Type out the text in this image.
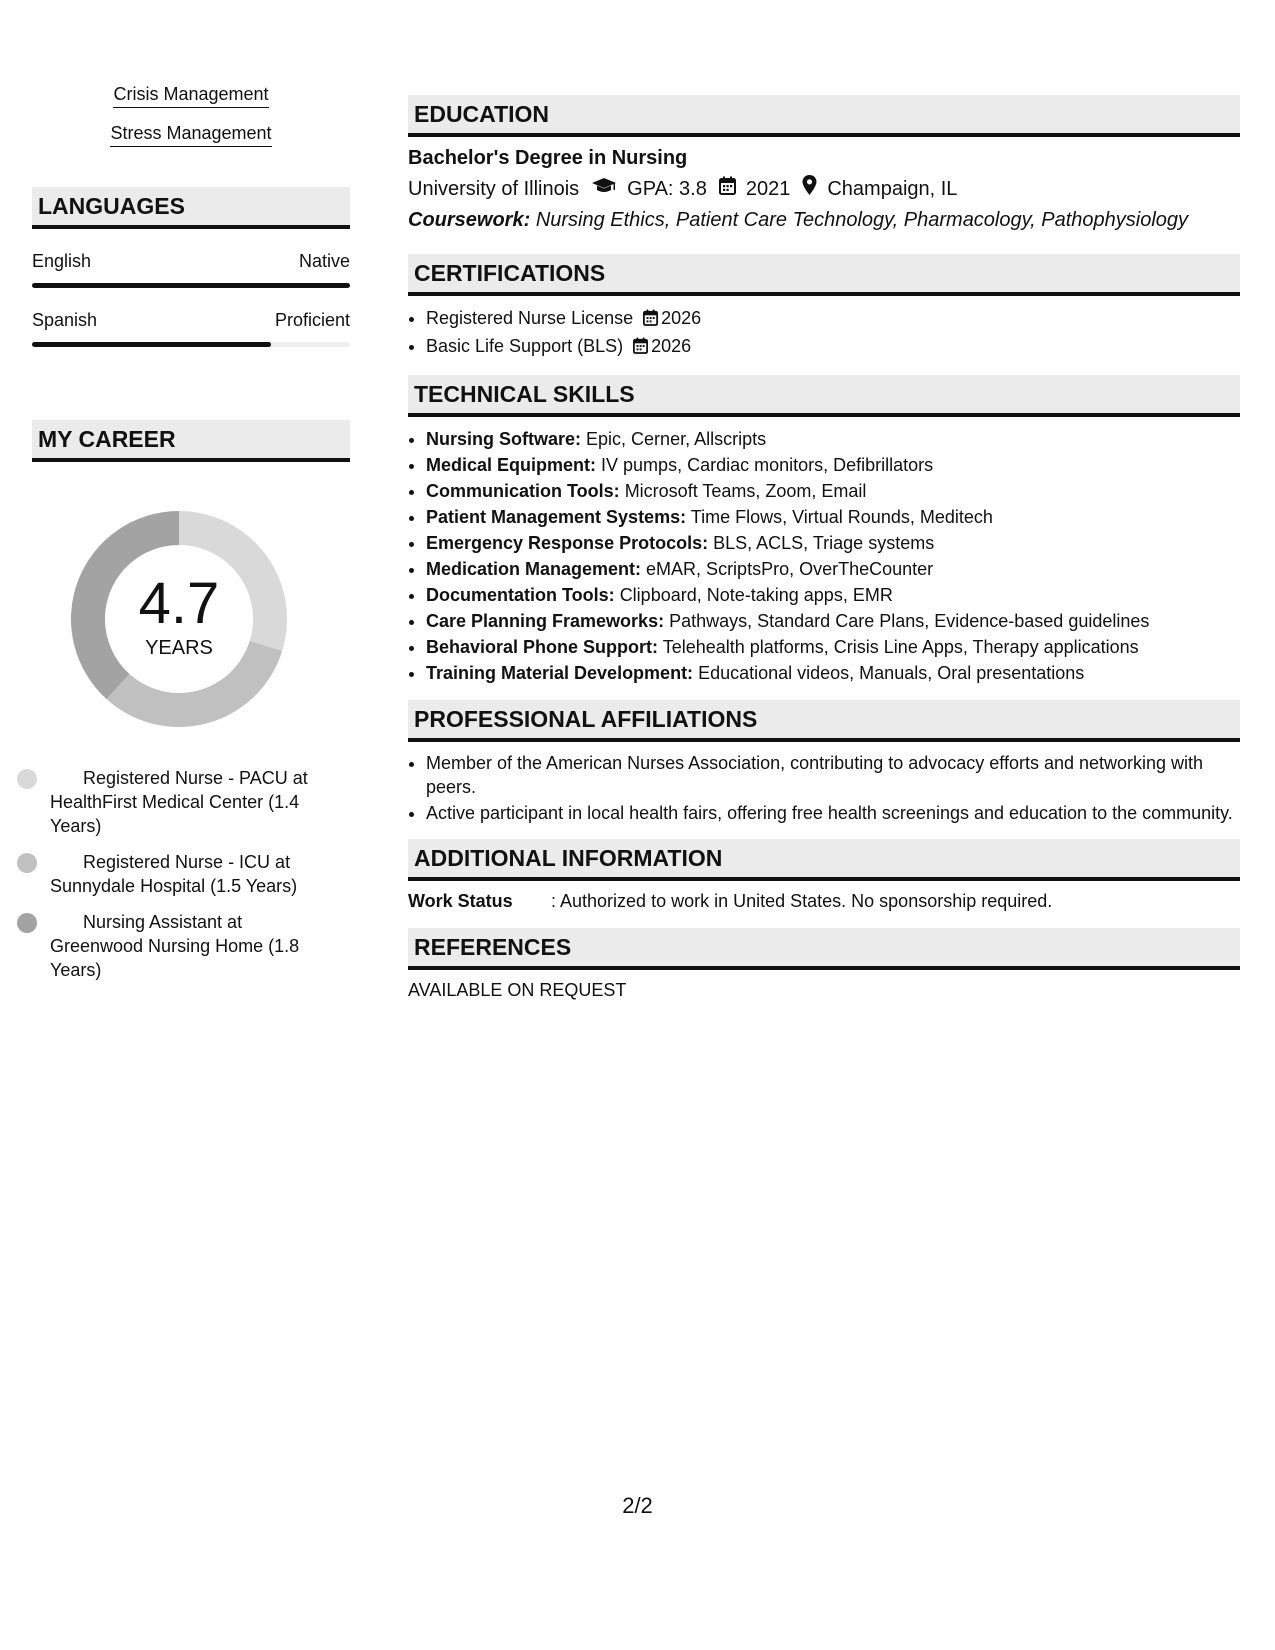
Crisis Management
Stress Management
LANGUAGES
English	Native
Spanish	Proficient
MY CAREER
4.7
YEARS
Registered Nurse - PACU at HealthFirst Medical Center (1.4 Years)
Registered Nurse - ICU at Sunnydale Hospital (1.5 Years)
Nursing Assistant at Greenwood Nursing Home (1.8 Years)
EDUCATION
Bachelor's Degree in Nursing
University of Illinois GPA: 3.8 2021 Champaign, IL
Coursework: Nursing Ethics, Patient Care Technology, Pharmacology, Pathophysiology
CERTIFICATIONS
• Registered Nurse License 2026
• Basic Life Support (BLS) 2026
TECHNICAL SKILLS
• Nursing Software: Epic, Cerner, Allscripts
• Medical Equipment: IV pumps, Cardiac monitors, Defibrillators
• Communication Tools: Microsoft Teams, Zoom, Email
• Patient Management Systems: Time Flows, Virtual Rounds, Meditech
• Emergency Response Protocols: BLS, ACLS, Triage systems
• Medication Management: eMAR, ScriptsPro, OverTheCounter
• Documentation Tools: Clipboard, Note-taking apps, EMR
• Care Planning Frameworks: Pathways, Standard Care Plans, Evidence-based guidelines
• Behavioral Phone Support: Telehealth platforms, Crisis Line Apps, Therapy applications
• Training Material Development: Educational videos, Manuals, Oral presentations
PROFESSIONAL AFFILIATIONS
• Member of the American Nurses Association, contributing to advocacy efforts and networking with peers.
• Active participant in local health fairs, offering free health screenings and education to the community.
ADDITIONAL INFORMATION
Work Status	: Authorized to work in United States. No sponsorship required.
REFERENCES
AVAILABLE ON REQUEST
2/2
